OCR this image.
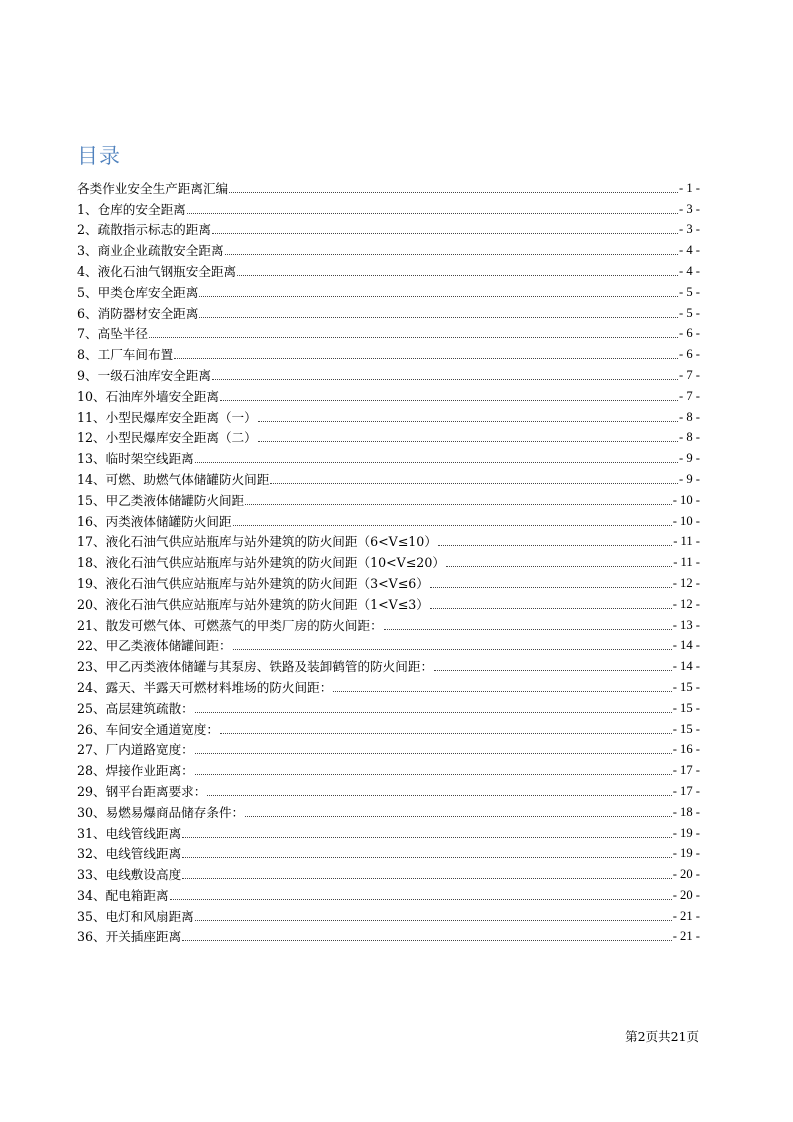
目录
各类作业安全生产距离汇编	- 1 -
1、仓库的安全距离	- 3 -
2、疏散指示标志的距离	- 3 -
3、商业企业疏散安全距离	- 4 -
4、液化石油气钢瓶安全距离	- 4 -
5、甲类仓库安全距离	- 5 -
6、消防器材安全距离	- 5 -
7、高坠半径	- 6 -
8、工厂车间布置	- 6 -
9、一级石油库安全距离	- 7 -
10、石油库外墙安全距离	- 7 -
11、小型民爆库安全距离（一）	- 8 -
12、小型民爆库安全距离（二）	- 8 -
13、临时架空线距离	- 9 -
14、可燃、助燃气体储罐防火间距	- 9 -
15、甲乙类液体储罐防火间距	- 10 -
16、丙类液体储罐防火间距	- 10 -
17、液化石油气供应站瓶库与站外建筑的防火间距（6<V≤10）	- 11 -
18、液化石油气供应站瓶库与站外建筑的防火间距（10<V≤20）	- 11 -
19、液化石油气供应站瓶库与站外建筑的防火间距（3<V≤6）	- 12 -
20、液化石油气供应站瓶库与站外建筑的防火间距（1<V≤3）	- 12 -
21、散发可燃气体、可燃蒸气的甲类厂房的防火间距：	- 13 -
22、甲乙类液体储罐间距：	- 14 -
23、甲乙丙类液体储罐与其泵房、铁路及装卸鹤管的防火间距：	- 14 -
24、露天、半露天可燃材料堆场的防火间距：	- 15 -
25、高层建筑疏散：	- 15 -
26、车间安全通道宽度：	- 15 -
27、厂内道路宽度：	- 16 -
28、焊接作业距离：	- 17 -
29、钢平台距离要求：	- 17 -
30、易燃易爆商品储存条件：	- 18 -
31、电线管线距离	- 19 -
32、电线管线距离	- 19 -
33、电线敷设高度	- 20 -
34、配电箱距离	- 20 -
35、电灯和风扇距离	- 21 -
36、开关插座距离	- 21 -
第2页共21页
